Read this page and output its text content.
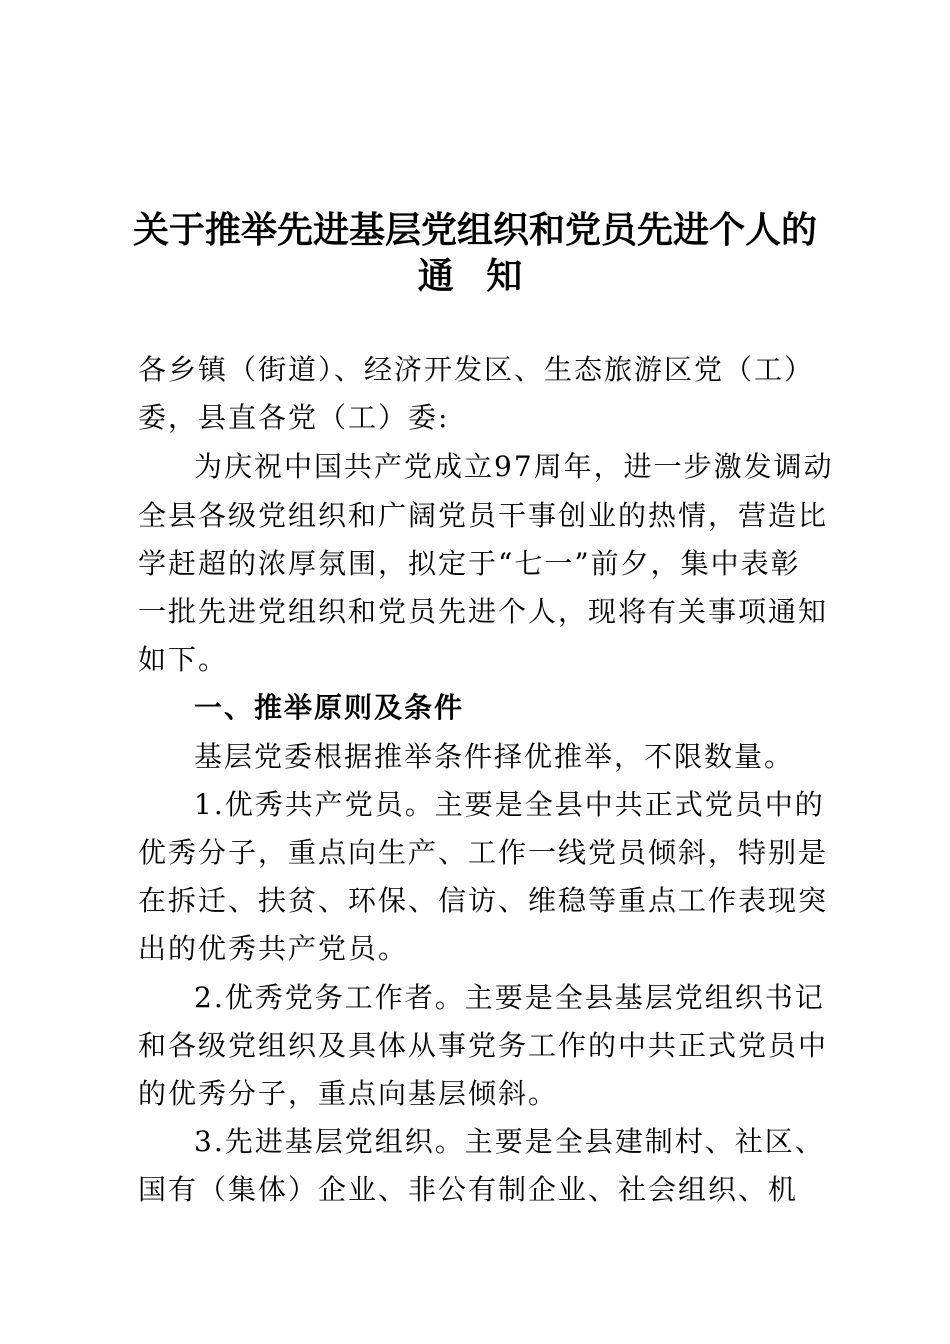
关于推举先进基层党组织和党员先进个人的
通 知
各乡镇（街道）、经济开发区、生态旅游区党（工）
委，县直各党（工）委:
为庆祝中国共产党成立97周年，进一步激发调动
全县各级党组织和广阔党员干事创业的热情，营造比
学赶超的浓厚氛围，拟定于“七一”前夕，集中表彰
一批先进党组织和党员先进个人，现将有关事项通知
如下。
一、推举原则及条件
基层党委根据推举条件择优推举，不限数量。
1.优秀共产党员。主要是全县中共正式党员中的
优秀分子，重点向生产、工作一线党员倾斜，特别是
在拆迁、扶贫、环保、信访、维稳等重点工作表现突
出的优秀共产党员。
2.优秀党务工作者。主要是全县基层党组织书记
和各级党组织及具体从事党务工作的中共正式党员中
的优秀分子，重点向基层倾斜。
3.先进基层党组织。主要是全县建制村、社区、
国有（集体）企业、非公有制企业、社会组织、机
